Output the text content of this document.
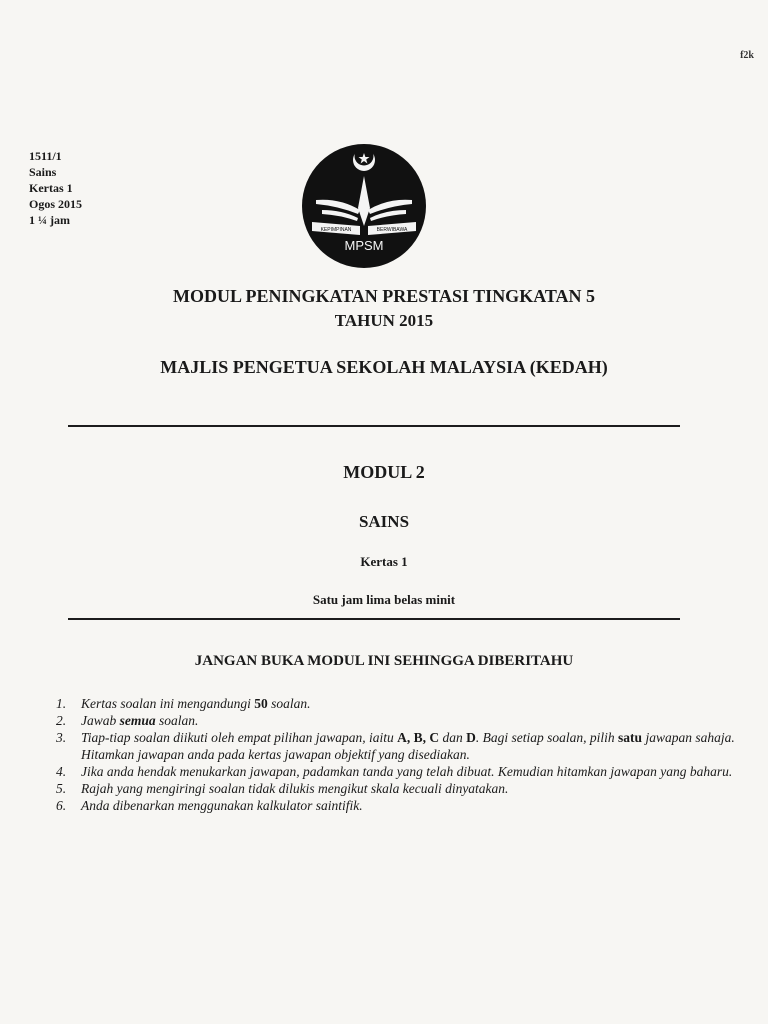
f2k
1511/1
Sains
Kertas 1
Ogos 2015
1 ¼ jam
KEPIMPINAN	BERWIBAWA
MPSM
MODUL PENINGKATAN PRESTASI TINGKATAN 5
TAHUN 2015
MAJLIS PENGETUA SEKOLAH MALAYSIA (KEDAH)
MODUL 2
SAINS
Kertas 1
Satu jam lima belas minit
JANGAN BUKA MODUL INI SEHINGGA DIBERITAHU
1. Kertas soalan ini mengandungi 50 soalan.
2. Jawab semua soalan.
3. Tiap-tiap soalan diikuti oleh empat pilihan jawapan, iaitu A, B, C dan D. Bagi setiap soalan, pilih satu jawapan sahaja. Hitamkan jawapan anda pada kertas jawapan objektif yang disediakan.
4. Jika anda hendak menukarkan jawapan, padamkan tanda yang telah dibuat. Kemudian hitamkan jawapan yang baharu.
5. Rajah yang mengiringi soalan tidak dilukis mengikut skala kecuali dinyatakan.
6. Anda dibenarkan menggunakan kalkulator saintifik.
